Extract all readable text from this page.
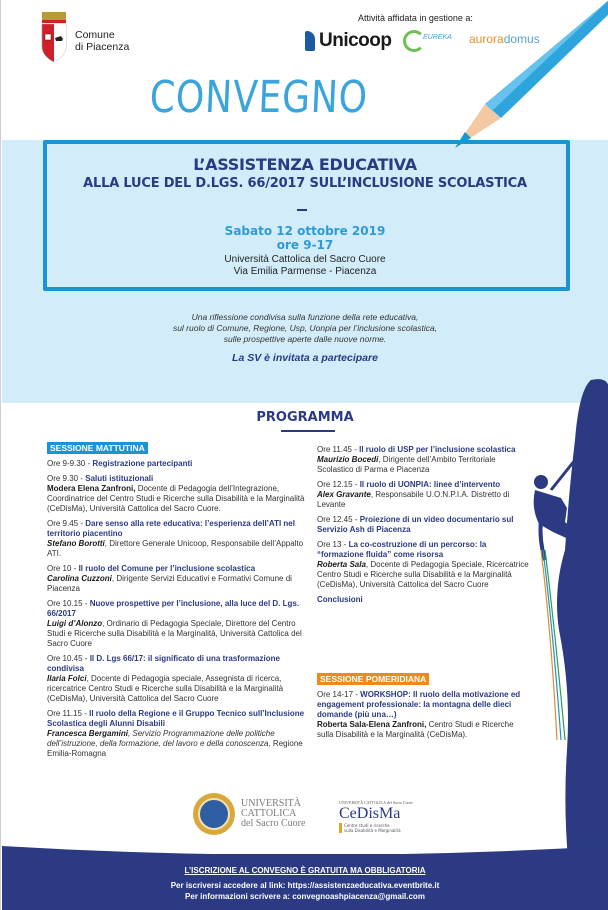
Comune
di Piacenza
Attività affidata in gestione a:
Unicoop	EUREKA auroradomus
CONVEGNO
L’ASSISTENZA EDUCATIVA
ALLA LUCE DEL D.LGS. 66/2017 SULL’INCLUSIONE SCOLASTICA
Sabato 12 ottobre 2019
ore 9-17
Università Cattolica del Sacro Cuore
Via Emilia Parmense - Piacenza
Una riflessione condivisa sulla funzione della rete educativa,
sul ruolo di Comune, Regione, Usp, Uonpia per l’inclusione scolastica,
sulle prospettive aperte dalle nuove norme.
La SV è invitata a partecipare
PROGRAMMA
SESSIONE MATTUTINA
Ore 9-9.30 - Registrazione partecipanti
Ore 9.30 - Saluti istituzionali
Modera Elena Zanfroni, Docente di Pedagogia dell’Integrazione, Coordinatrice del Centro Studi e Ricerche sulla Disabilità e la Marginalità (CeDisMa), Università Cattolica del Sacro Cuore.
Ore 9.45 - Dare senso alla rete educativa: l’esperienza dell’ATI nel territorio piacentino
Stefano Borotti, Direttore Generale Unicoop, Responsabile dell’Appalto ATI.
Ore 10 - Il ruolo del Comune per l’inclusione scolastica
Carolina Cuzzoni, Dirigente Servizi Educativi e Formativi Comune di Piacenza
Ore 10.15 - Nuove prospettive per l’inclusione, alla luce del D. Lgs. 66/2017
Luigi d’Alonzo, Ordinario di Pedagogia Speciale, Direttore del Centro Studi e Ricerche sulla Disabilità e la Marginalità, Università Cattolica del Sacro Cuore
Ore 10.45 - Il D. Lgs 66/17: il significato di una trasformazione condivisa
Ilaria Folci, Docente di Pedagogia speciale, Assegnista di ricerca, ricercatrice Centro Studi e Ricerche sulla Disabilità e la Marginalità (CeDisMa), Università Cattolica del Sacro Cuore
Ore 11.15 - Il ruolo della Regione e il Gruppo Tecnico sull’Inclusione Scolastica degli Alunni Disabili
Francesca Bergamini, Servizio Programmazione delle politiche dell’istruzione, della formazione, del lavoro e della conoscenza, Regione Emilia-Romagna
Ore 11.45 - Il ruolo di USP per l’inclusione scolastica
Maurizio Bocedi, Dirigente dell’Ambito Territoriale Scolastico di Parma e Piacenza
Ore 12.15 - Il ruolo di UONPIA: linee d’intervento
Alex Gravante, Responsabile U.O.N.P.I.A. Distretto di Levante
Ore 12.45 - Proiezione di un video documentario sul Servizio Ash di Piacenza
Ore 13 - La co-costruzione di un percorso: la “formazione fluida” come risorsa
Roberta Sala, Docente di Pedagogia Speciale, Ricercatrice Centro Studi e Ricerche sulla Disabilità e la Marginalità (CeDisMa), Università Cattolica del Sacro Cuore
Conclusioni
SESSIONE POMERIDIANA
Ore 14-17 - WORKSHOP: Il ruolo della motivazione ed engagement professionale: la montagna delle dieci domande (più una…)
Roberta Sala-Elena Zanfroni, Centro Studi e Ricerche sulla Disabilità e la Marginalità (CeDisMa).
UNIVERSITÀ
CATTOLICA
del Sacro Cuore
UNIVERSITÀ CATTOLICA del Sacro Cuore
CeDisMa
Centro studi e ricerche
sulla Disabilità e Marginalità
L’ISCRIZIONE AL CONVEGNO È GRATUITA MA OBBLIGATORIA
Per iscriversi accedere al link: https://assistenzaeducativa.eventbrite.it
Per informazioni scrivere a: convegnoashpiacenza@gmail.com
